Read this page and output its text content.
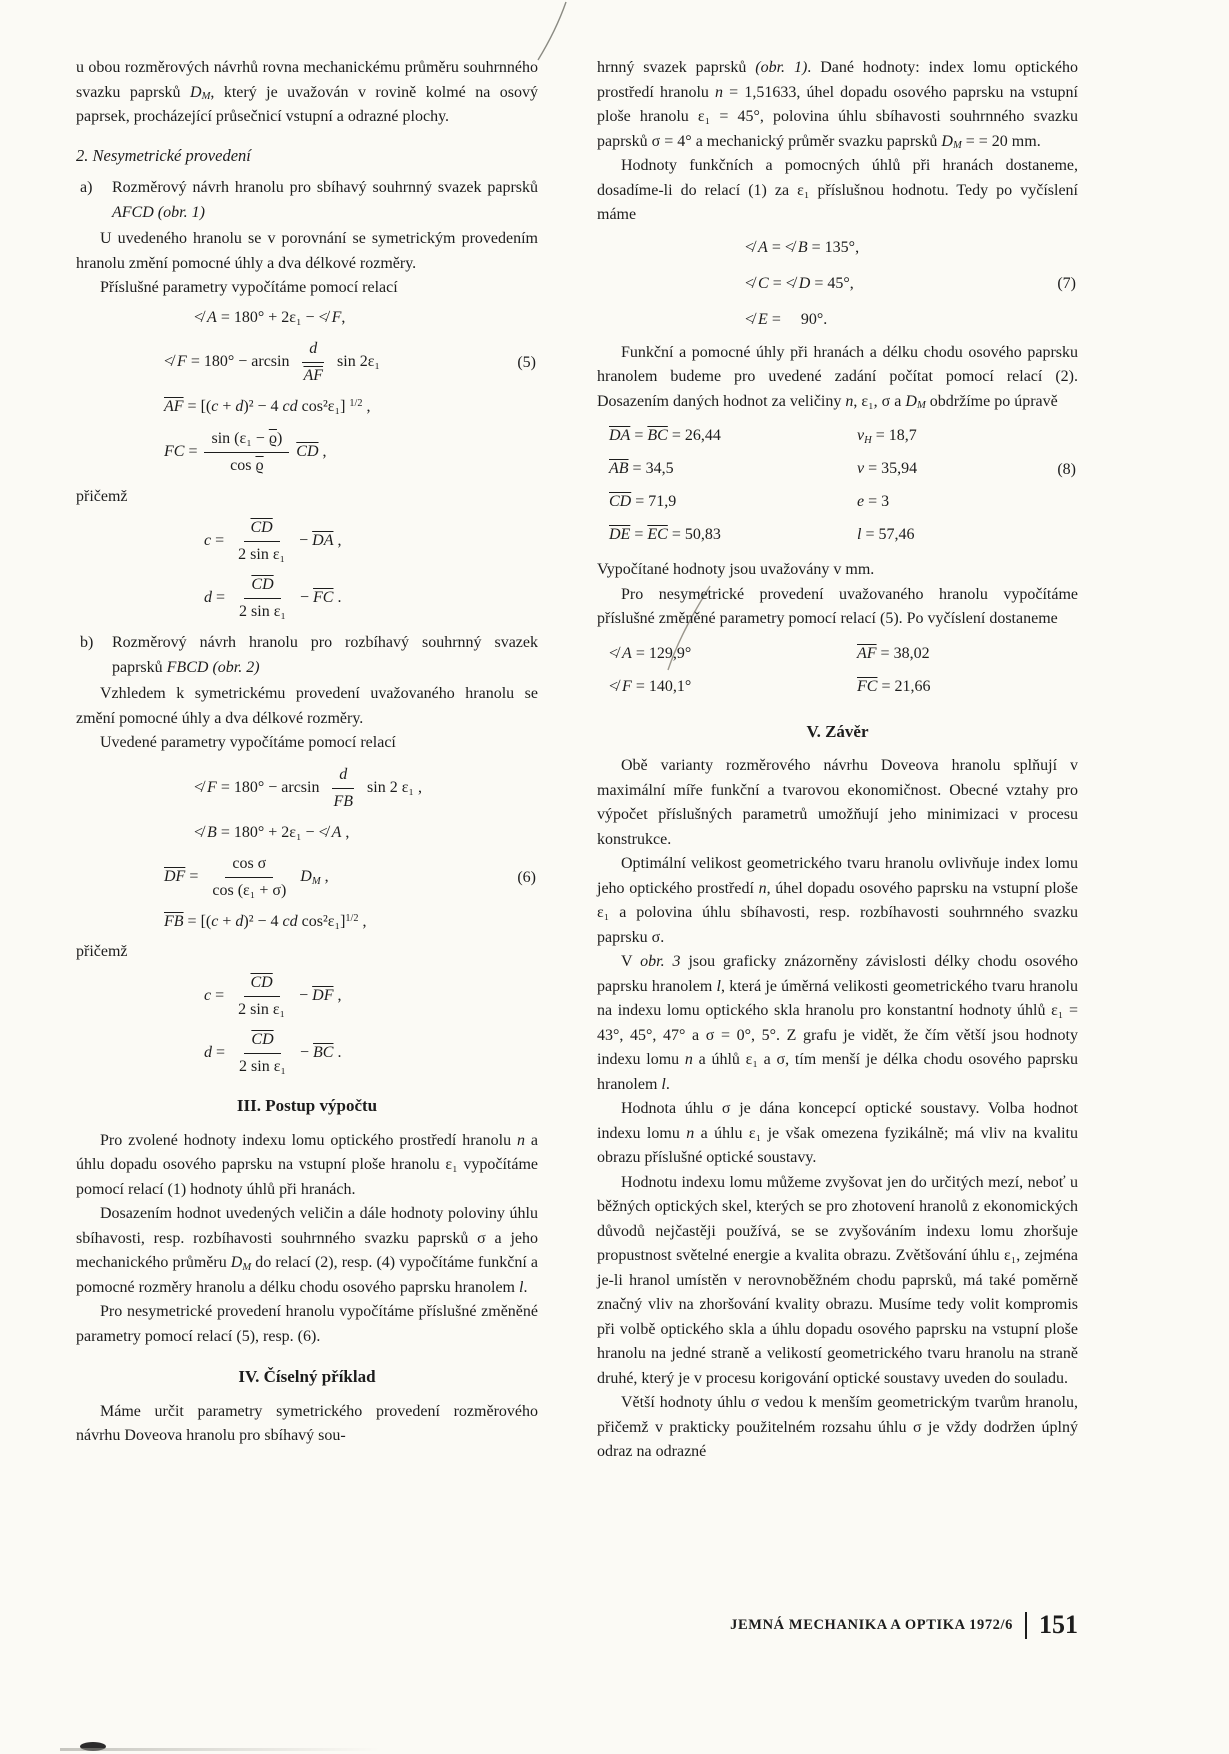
u obou rozměrových návrhů rovna mechanickému průměru souhrnného svazku paprsků DM, který je uvažován v rovině kolmé na osový paprsek, procházející průsečnicí vstupní a odrazné plochy.

2. Nesymetrické provedení
a) Rozměrový návrh hranolu pro sbíhavý souhrnný svazek paprsků AFCD (obr. 1)

U uvedeného hranolu se v porovnání se symetrickým provedením hranolu změní pomocné úhly a dva délkové rozměry.

Příslušné parametry vypočítáme pomocí relací

≮ A = 180° + 2ε₁ − ≮ F,
≮ $F = 180^\circ - \arcsin \frac{d}{AF}$ sin 2ε₁	(5)
$\overline{AF} = [(c + d)^2 - 4$ cd cos²ε₁] $^{1/2}$ ,
FC = $\frac{\sin (\varepsilon_1 - \overline{ϱ})}{\cos \overline{ϱ}} \overline{CD}$ ,
přičemž
$c = \frac{\overline{CD}}{\text{2 sin ε₁}} - \overline{DA}$ ,
$d = \frac{\overline{CD}}{\text{2 sin ε₁}} - \overline{FC}$ .
b) Rozměrový návrh hranolu pro rozbíhavý souhrnný svazek paprsků FBCD (obr. 2)

Vzhledem k symetrickému provedení uvažovaného hranolu se změní pomocné úhly a dva délkové rozměry.

Uvedené parametry vypočítáme pomocí relací

≮ $F = 180^\circ - \arcsin \frac{d}{FB}$ sin 2 ε₁ ,
≮ B = 180° + 2ε₁ − ≮ A ,
$\overline{DF} = \frac{\text{cos σ}}{\text{cos (ε₁ + σ)}}$ DM ,	(6)
$\overline{FB} = [(c + d)^2 - 4$ cd cos²ε₁]$^{1/2}$ ,
přičemž
$c = \frac{\overline{CD}}{\text{2 sin ε₁}} - \overline{DF}$ ,
$d = \frac{\overline{CD}}{\text{2 sin ε₁}} - \overline{BC}$ .
III. Postup výpočtu

Pro zvolené hodnoty indexu lomu optického prostředí hranolu n a úhlu dopadu osového paprsku na vstupní ploše hranolu ε₁ vypočítáme pomocí relací (1) hodnoty úhlů při hranách.

Dosazením hodnot uvedených veličin a dále hodnoty poloviny úhlu sbíhavosti, resp. rozbíhavosti souhrnného svazku paprsků σ a jeho mechanického průměru DM do relací (2), resp. (4) vypočítáme funkční a pomocné rozměry hranolu a délku chodu osového paprsku hranolem l.

Pro nesymetrické provedení hranolu vypočítáme příslušné změněné parametry pomocí relací (5), resp. (6).

IV. Číselný příklad

Máme určit parametry symetrického provedení rozměrového návrhu Doveova hranolu pro sbíhavý sou-

hrnný svazek paprsků (obr. 1). Dané hodnoty: index lomu optického prostředí hranolu n = 1,51633, úhel dopadu osového paprsku na vstupní ploše hranolu ε₁ = 45°, polovina úhlu sbíhavosti souhrnného svazku paprsků σ = 4° a mechanický průměr svazku paprsků DM = = 20 mm.

Hodnoty funkčních a pomocných úhlů při hranách dostaneme, dosadíme-li do relací (1) za ε₁ příslušnou hodnotu. Tedy po vyčíslení máme

≮ A = ≮ B = 135°,
≮ C = ≮ D = 45°,	(7)
≮ E =     90°.

Funkční a pomocné úhly při hranách a délku chodu osového paprsku hranolem budeme pro uvedené zadání počítat pomocí relací (2). Dosazením daných hodnot za veličiny n, ε₁, σ a DM obdržíme po úpravě

$\overline{DA} = \overline{BC} = 26,44$	vH = 18,7
$\overline{AB} = 34,5$	v = 35,94	(8)
$\overline{CD} = 71,9$	e = 3
$\overline{DE} = \overline{EC} = 50,83$	l = 57,46

Vypočítané hodnoty jsou uvažovány v mm.

Pro nesymetrické provedení uvažovaného hranolu vypočítáme příslušné změněné parametry pomocí relací (5). Po vyčíslení dostaneme

≮ A = 129,9°	$\overline{AF} = 38,02$
≮ F = 140,1°	$\overline{FC} = 21,66$
V. Závěr

Obě varianty rozměrového návrhu Doveova hranolu splňují v maximální míře funkční a tvarovou ekonomičnost. Obecné vztahy pro výpočet příslušných parametrů umožňují jeho minimizaci v procesu konstrukce.

Optimální velikost geometrického tvaru hranolu ovlivňuje index lomu jeho optického prostředí n, úhel dopadu osového paprsku na vstupní ploše ε₁ a polovina úhlu sbíhavosti, resp. rozbíhavosti souhrnného svazku paprsku σ.

V obr. 3 jsou graficky znázorněny závislosti délky chodu osového paprsku hranolem l, která je úměrná velikosti geometrického tvaru hranolu na indexu lomu optického skla hranolu pro konstantní hodnoty úhlů ε₁ = 43°, 45°, 47° a σ = 0°, 5°. Z grafu je vidět, že čím větší jsou hodnoty indexu lomu n a úhlů ε₁ a σ, tím menší je délka chodu osového paprsku hranolem l.

Hodnota úhlu σ je dána koncepcí optické soustavy. Volba hodnot indexu lomu n a úhlu ε₁ je však omezena fyzikálně; má vliv na kvalitu obrazu příslušné optické soustavy.

Hodnotu indexu lomu můžeme zvyšovat jen do určitých mezí, neboť u běžných optických skel, kterých se pro zhotovení hranolů z ekonomických důvodů nejčastěji používá, se se zvyšováním indexu lomu zhoršuje propustnost světelné energie a kvalita obrazu. Zvětšování úhlu ε₁, zejména je-li hranol umístěn v nerovnoběžném chodu paprsků, má také poměrně značný vliv na zhoršování kvality obrazu. Musíme tedy volit kompromis při volbě optického skla a úhlu dopadu osového paprsku na vstupní ploše hranolu na jedné straně a velikostí geometrického tvaru hranolu na straně druhé, který je v procesu korigování optické soustavy uveden do souladu.

Větší hodnoty úhlu σ vedou k menším geometrickým tvarům hranolu, přičemž v prakticky použitelném rozsahu úhlu σ je vždy dodržen úplný odraz na odrazné

JEMNÁ MECHANIKA A OPTIKA 1972/6 151
